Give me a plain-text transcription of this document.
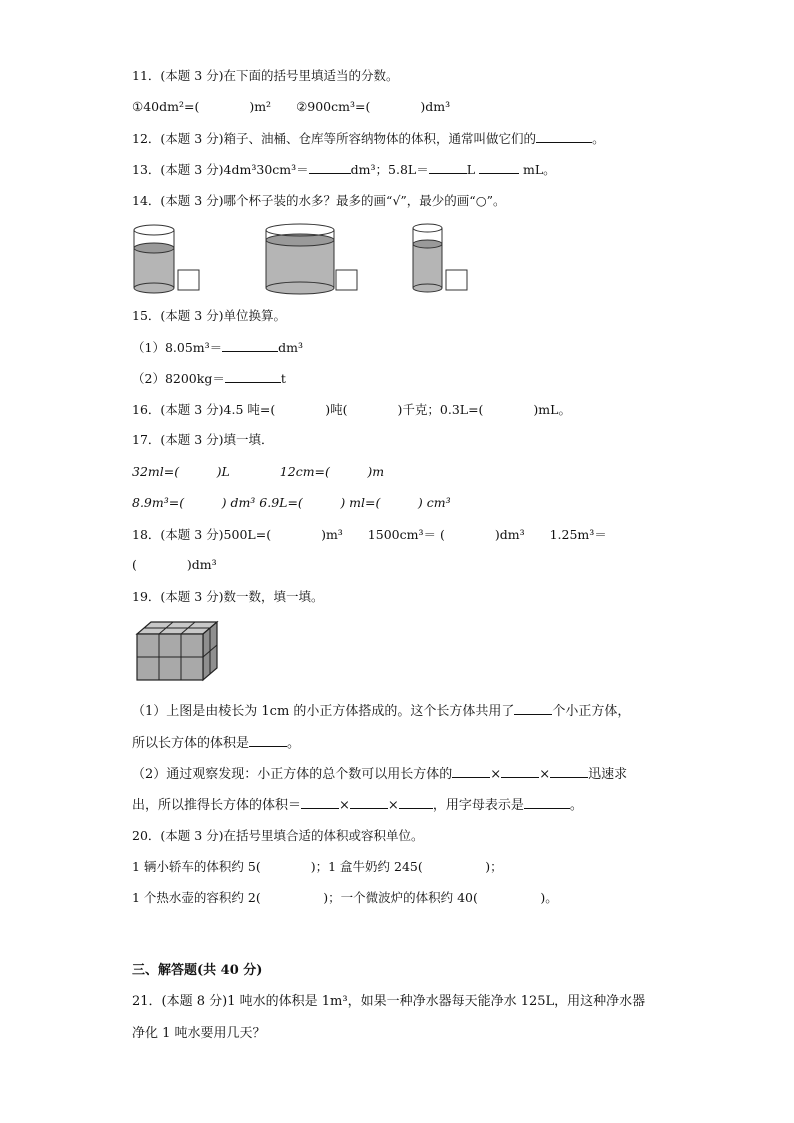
11．(本题 3 分)在下面的括号里填适当的分数。
①40dm²=(　　　　)m²　　②900cm³=(　　　　)dm³
12．(本题 3 分)箱子、油桶、仓库等所容纳物体的体积，通常叫做它们的	。
13．(本题 3 分)4dm³30cm³＝	dm³；5.8L＝	L	mL。
14．(本题 3 分)哪个杯子装的水多？最多的画“√”，最少的画“○”。
15．(本题 3 分)单位换算。
（1）8.05m³＝	dm³
（2）8200kg＝	t
16．(本题 3 分)4.5 吨=(　　　　)吨(　　　　)千克；0.3L=(　　　　)mL。
17．(本题 3 分)填一填．
32ml=(　　　)L　　　　12cm=(　　　)m
8.9m³=(　　　) dm³ 6.9L=(　　　) ml=(　　　) cm³
18．(本题 3 分)500L=(　　　　)m³　　1500cm³＝ (　　　　)dm³　　1.25m³＝
(　　　　)dm³
19．(本题 3 分)数一数，填一填。
（1）上图是由棱长为 1cm 的小正方体搭成的。这个长方体共用了	个小正方体，
所以长方体的体积是	。
（2）通过观察发现：小正方体的总个数可以用长方体的	×	×	迅速求
出，所以推得长方体的体积＝	×	×	，用字母表示是	。
20．(本题 3 分)在括号里填合适的体积或容积单位。
1 辆小轿车的体积约 5(　　　　)；1 盒牛奶约 245(　　　　　)；
1 个热水壶的容积约 2(　　　　　)；一个微波炉的体积约 40(　　　　　)。
三、解答题(共 40 分)
21．(本题 8 分)1 吨水的体积是 1m³，如果一种净水器每天能净水 125L，用这种净水器
净化 1 吨水要用几天？
